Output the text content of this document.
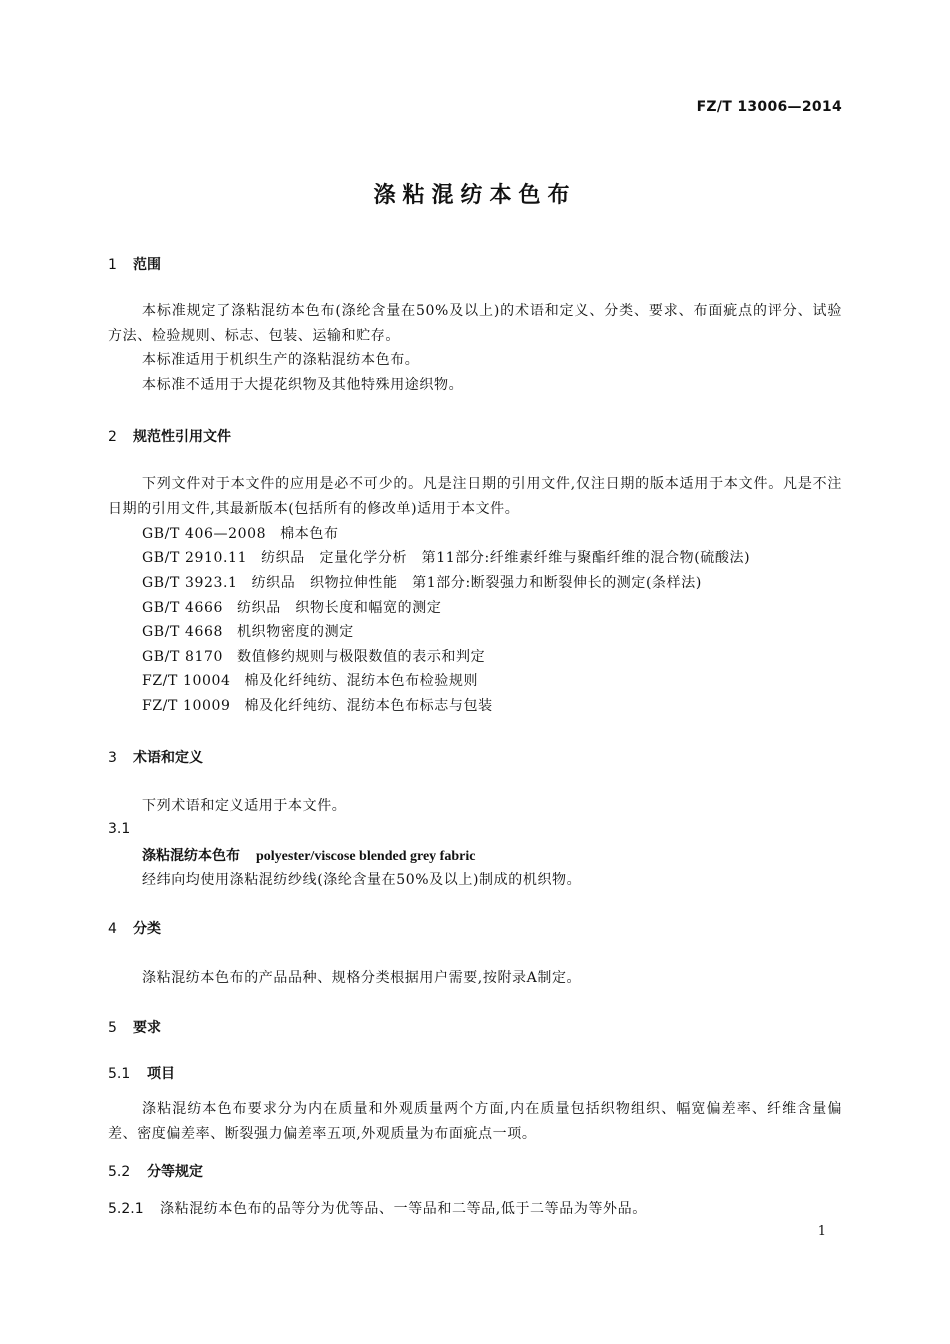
FZ/T 13006—2014
涤粘混纺本色布
1 范围
本标准规定了涤粘混纺本色布(涤纶含量在50%及以上)的术语和定义、分类、要求、布面疵点的评分、试验方法、检验规则、标志、包装、运输和贮存。
本标准适用于机织生产的涤粘混纺本色布。
本标准不适用于大提花织物及其他特殊用途织物。
2 规范性引用文件
下列文件对于本文件的应用是必不可少的。凡是注日期的引用文件,仅注日期的版本适用于本文件。凡是不注日期的引用文件,其最新版本(包括所有的修改单)适用于本文件。
GB/T 406—2008 棉本色布
GB/T 2910.11 纺织品　定量化学分析　第11部分:纤维素纤维与聚酯纤维的混合物(硫酸法)
GB/T 3923.1 纺织品　织物拉伸性能　第1部分:断裂强力和断裂伸长的测定(条样法)
GB/T 4666 纺织品　织物长度和幅宽的测定
GB/T 4668 机织物密度的测定
GB/T 8170 数值修约规则与极限数值的表示和判定
FZ/T 10004 棉及化纤纯纺、混纺本色布检验规则
FZ/T 10009 棉及化纤纯纺、混纺本色布标志与包装
3 术语和定义
下列术语和定义适用于本文件。
3.1
涤粘混纺本色布 polyester/viscose blended grey fabric
经纬向均使用涤粘混纺纱线(涤纶含量在50%及以上)制成的机织物。
4 分类
涤粘混纺本色布的产品品种、规格分类根据用户需要,按附录A制定。
5 要求
5.1 项目
涤粘混纺本色布要求分为内在质量和外观质量两个方面,内在质量包括织物组织、幅宽偏差率、纤维含量偏差、密度偏差率、断裂强力偏差率五项,外观质量为布面疵点一项。
5.2 分等规定
5.2.1 涤粘混纺本色布的品等分为优等品、一等品和二等品,低于二等品为等外品。
1
